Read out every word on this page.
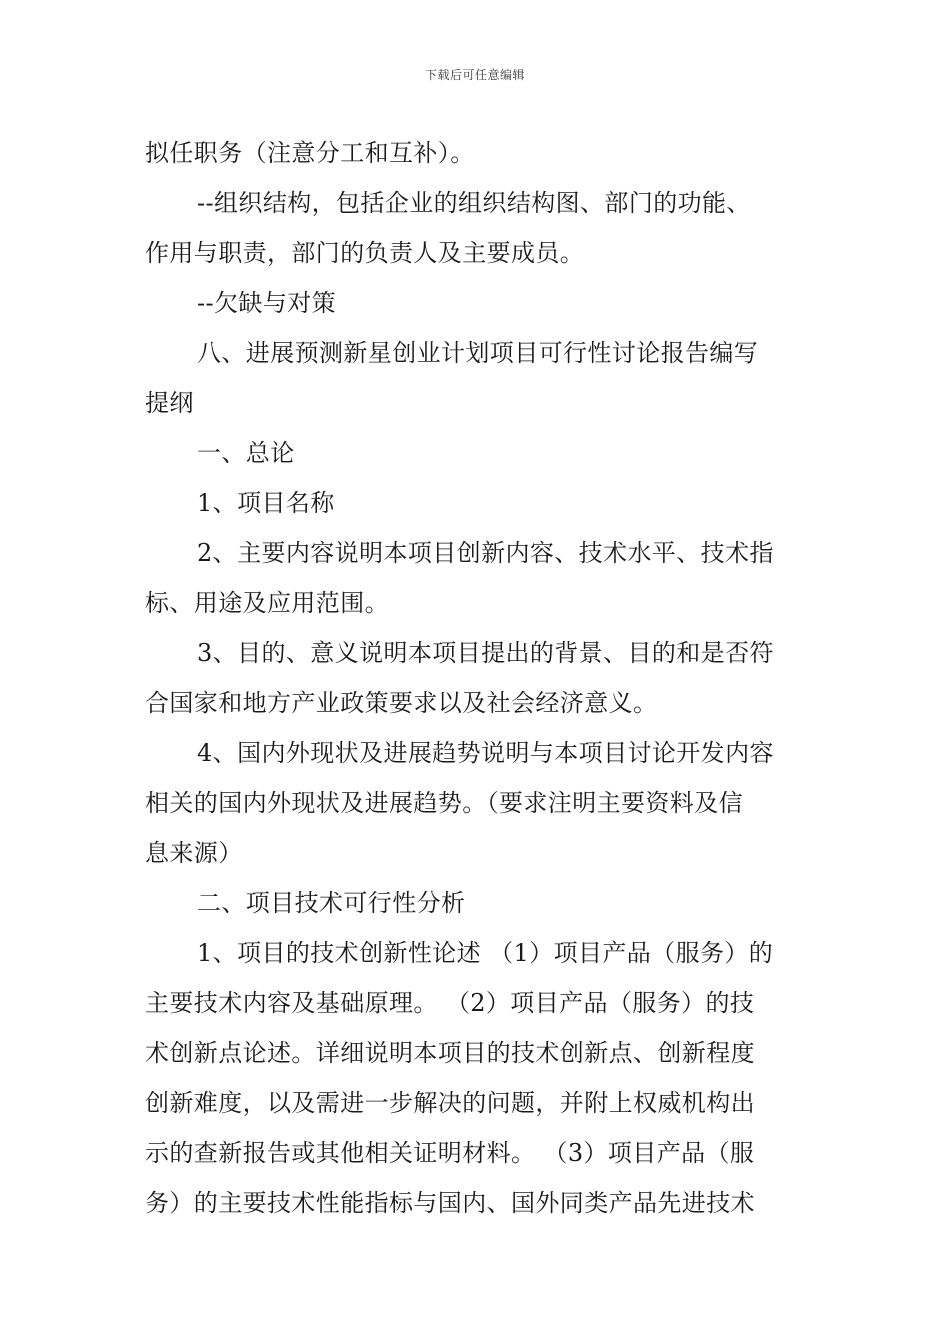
下载后可任意编辑
拟任职务（注意分工和互补）。
--组织结构，包括企业的组织结构图、部门的功能、
作用与职责，部门的负责人及主要成员。
--欠缺与对策
八、进展预测新星创业计划项目可行性讨论报告编写
提纲
一、总论
1、项目名称
2、主要内容说明本项目创新内容、技术水平、技术指
标、用途及应用范围。
3、目的、意义说明本项目提出的背景、目的和是否符
合国家和地方产业政策要求以及社会经济意义。
4、国内外现状及进展趋势说明与本项目讨论开发内容
相关的国内外现状及进展趋势。（要求注明主要资料及信
息来源）
二、项目技术可行性分析
1、项目的技术创新性论述 （1）项目产品（服务）的
主要技术内容及基础原理。 （2）项目产品（服务）的技
术创新点论述。详细说明本项目的技术创新点、创新程度
创新难度，以及需进一步解决的问题，并附上权威机构出
示的查新报告或其他相关证明材料。 （3）项目产品（服
务）的主要技术性能指标与国内、国外同类产品先进技术
